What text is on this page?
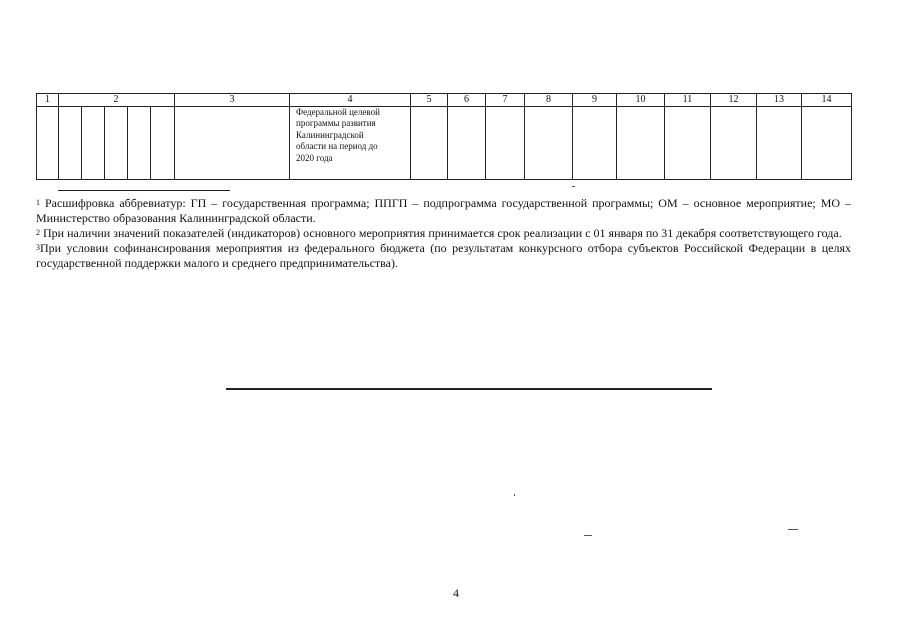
1			2			3	4	5	6	7	8	9	10	11	12	13	14

							Федеральной целевой
программы развития
Калининградской
области на период до
2020 года										

$^1$ Расшифровка аббревиатур: ГП – государственная программа; ППГП – подпрограмма государственной программы; ОМ – основное мероприятие; МО – Министерство образования Калининградской области.

$^2$ При наличии значений показателей (индикаторов) основного мероприятия принимается срок реализации с 01 января по 31 декабря соответствующего года.

$^3$При условии софинансирования мероприятия из федерального бюджета (по результатам конкурсного отбора субъектов Российской Федерации в целях государственной поддержки малого и среднего предпринимательства).

4
